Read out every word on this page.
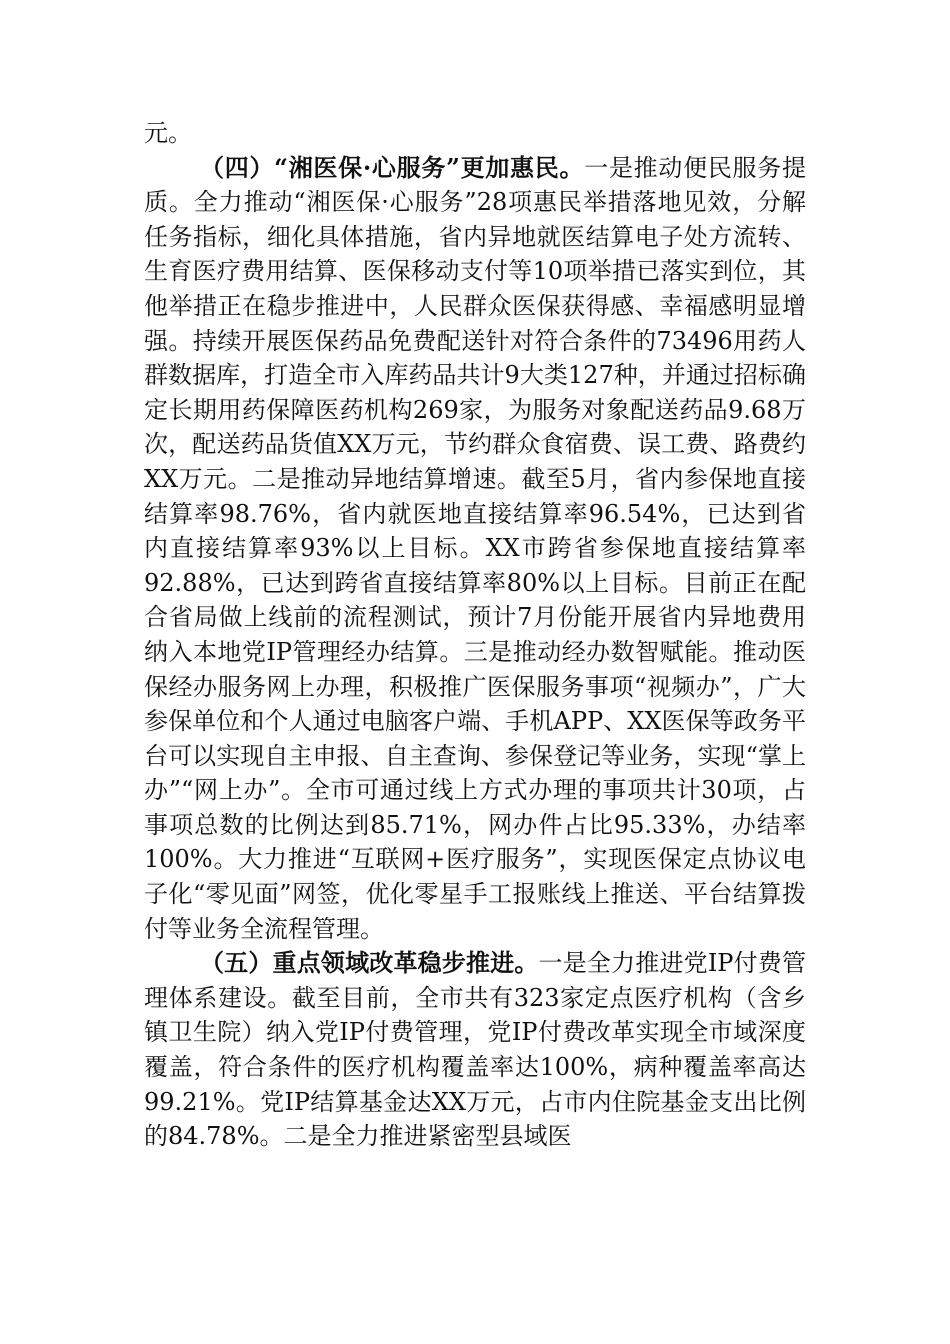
元。

（四）“湘医保·心服务”更加惠民。一是推动便民服务提质。全力推动“湘医保·心服务”28项惠民举措落地见效，分解任务指标，细化具体措施，省内异地就医结算电子处方流转、生育医疗费用结算、医保移动支付等10项举措已落实到位，其他举措正在稳步推进中，人民群众医保获得感、幸福感明显增强。持续开展医保药品免费配送针对符合条件的73496用药人群数据库，打造全市入库药品共计9大类127种，并通过招标确定长期用药保障医药机构269家，为服务对象配送药品9.68万次，配送药品货值XX万元，节约群众食宿费、误工费、路费约XX万元。二是推动异地结算增速。截至5月，省内参保地直接结算率98.76%，省内就医地直接结算率96.54%，已达到省内直接结算率93%以上目标。XX市跨省参保地直接结算率92.88%，已达到跨省直接结算率80%以上目标。目前正在配合省局做上线前的流程测试，预计7月份能开展省内异地费用纳入本地党IP管理经办结算。三是推动经办数智赋能。推动医保经办服务网上办理，积极推广医保服务事项“视频办”，广大参保单位和个人通过电脑客户端、手机APP、XX医保等政务平台可以实现自主申报、自主查询、参保登记等业务，实现“掌上办”“网上办”。全市可通过线上方式办理的事项共计30项，占事项总数的比例达到85.71%，网办件占比95.33%，办结率100%。大力推进“互联网+医疗服务”，实现医保定点协议电子化“零见面”网签，优化零星手工报账线上推送、平台结算拨付等业务全流程管理。

（五）重点领域改革稳步推进。一是全力推进党IP付费管理体系建设。截至目前，全市共有323家定点医疗机构（含乡镇卫生院）纳入党IP付费管理，党IP付费改革实现全市域深度覆盖，符合条件的医疗机构覆盖率达100%，病种覆盖率高达99.21%。党IP结算基金达XX万元，占市内住院基金支出比例的84.78%。二是全力推进紧密型县域医
